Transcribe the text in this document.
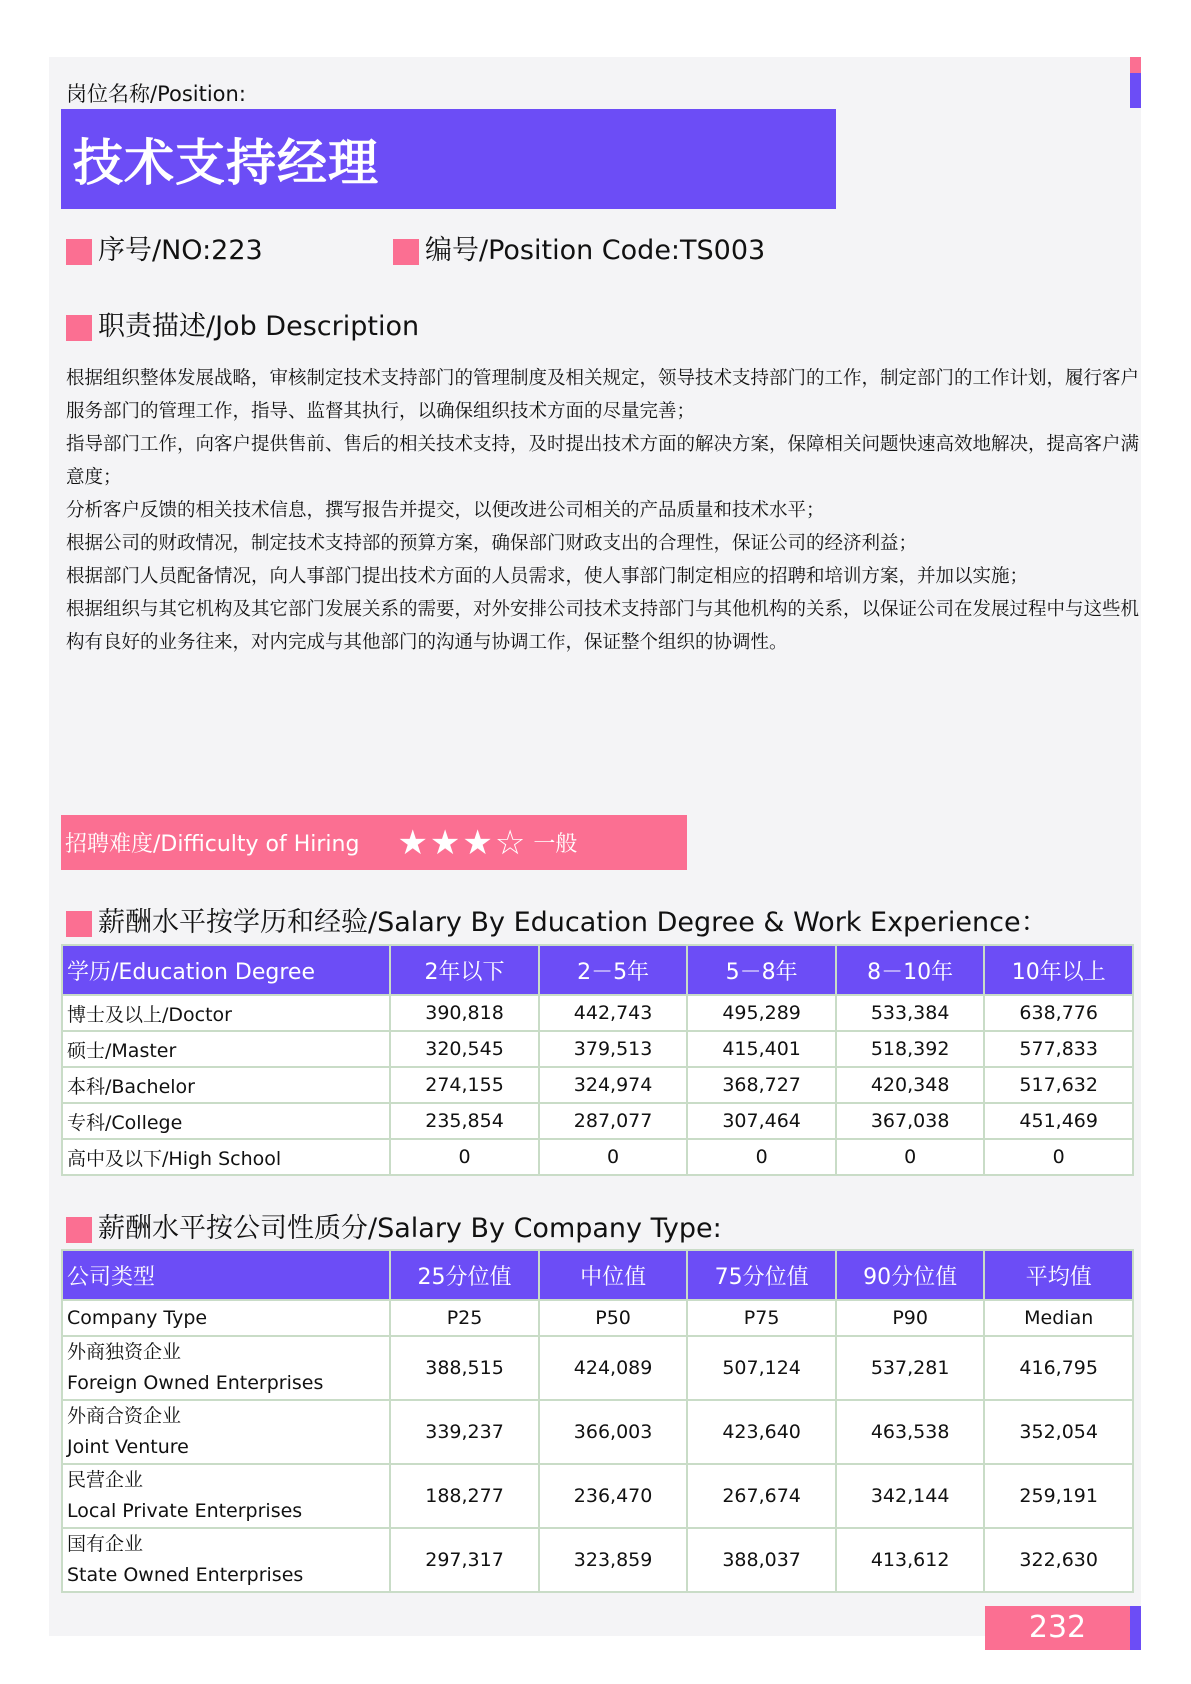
岗位名称/Position:
技术支持经理
序号/NO:223	编号/Position Code:TS003
职责描述/Job Description

根据组织整体发展战略，审核制定技术支持部门的管理制度及相关规定，领导技术支持部门的工作，制定部门的工作计划，履行客户服务部门的管理工作，指导、监督其执行，以确保组织技术方面的尽量完善；

指导部门工作，向客户提供售前、售后的相关技术支持，及时提出技术方面的解决方案，保障相关问题快速高效地解决，提高客户满意度；

分析客户反馈的相关技术信息，撰写报告并提交，以便改进公司相关的产品质量和技术水平；

根据公司的财政情况，制定技术支持部的预算方案，确保部门财政支出的合理性，保证公司的经济利益；

根据部门人员配备情况，向人事部门提出技术方面的人员需求，使人事部门制定相应的招聘和培训方案，并加以实施；

根据组织与其它机构及其它部门发展关系的需要，对外安排公司技术支持部门与其他机构的关系，以保证公司在发展过程中与这些机构有良好的业务往来，对内完成与其他部门的沟通与协调工作，保证整个组织的协调性。

招聘难度/Difficulty of Hiring ★★★☆ 一般
薪酬水平按学历和经验/Salary By Education Degree & Work Experience：
学历/Education Degree	2年以下	2－5年	5－8年	8－10年	10年以上
博士及以上/Doctor	390,818	442,743	495,289	533,384	638,776
硕士/Master	320,545	379,513	415,401	518,392	577,833
本科/Bachelor	274,155	324,974	368,727	420,348	517,632
专科/College	235,854	287,077	307,464	367,038	451,469
高中及以下/High School	0	0	0	0	0
薪酬水平按公司性质分/Salary By Company Type:
公司类型	25分位值	中位值	75分位值	90分位值	平均值
Company Type	P25	P50	P75	P90	Median
外商独资企业
Foreign Owned Enterprises	388,515	424,089	507,124	537,281	416,795
外商合资企业
Joint Venture	339,237	366,003	423,640	463,538	352,054
民营企业
Local Private Enterprises	188,277	236,470	267,674	342,144	259,191
国有企业
State Owned Enterprises	297,317	323,859	388,037	413,612	322,630
232
